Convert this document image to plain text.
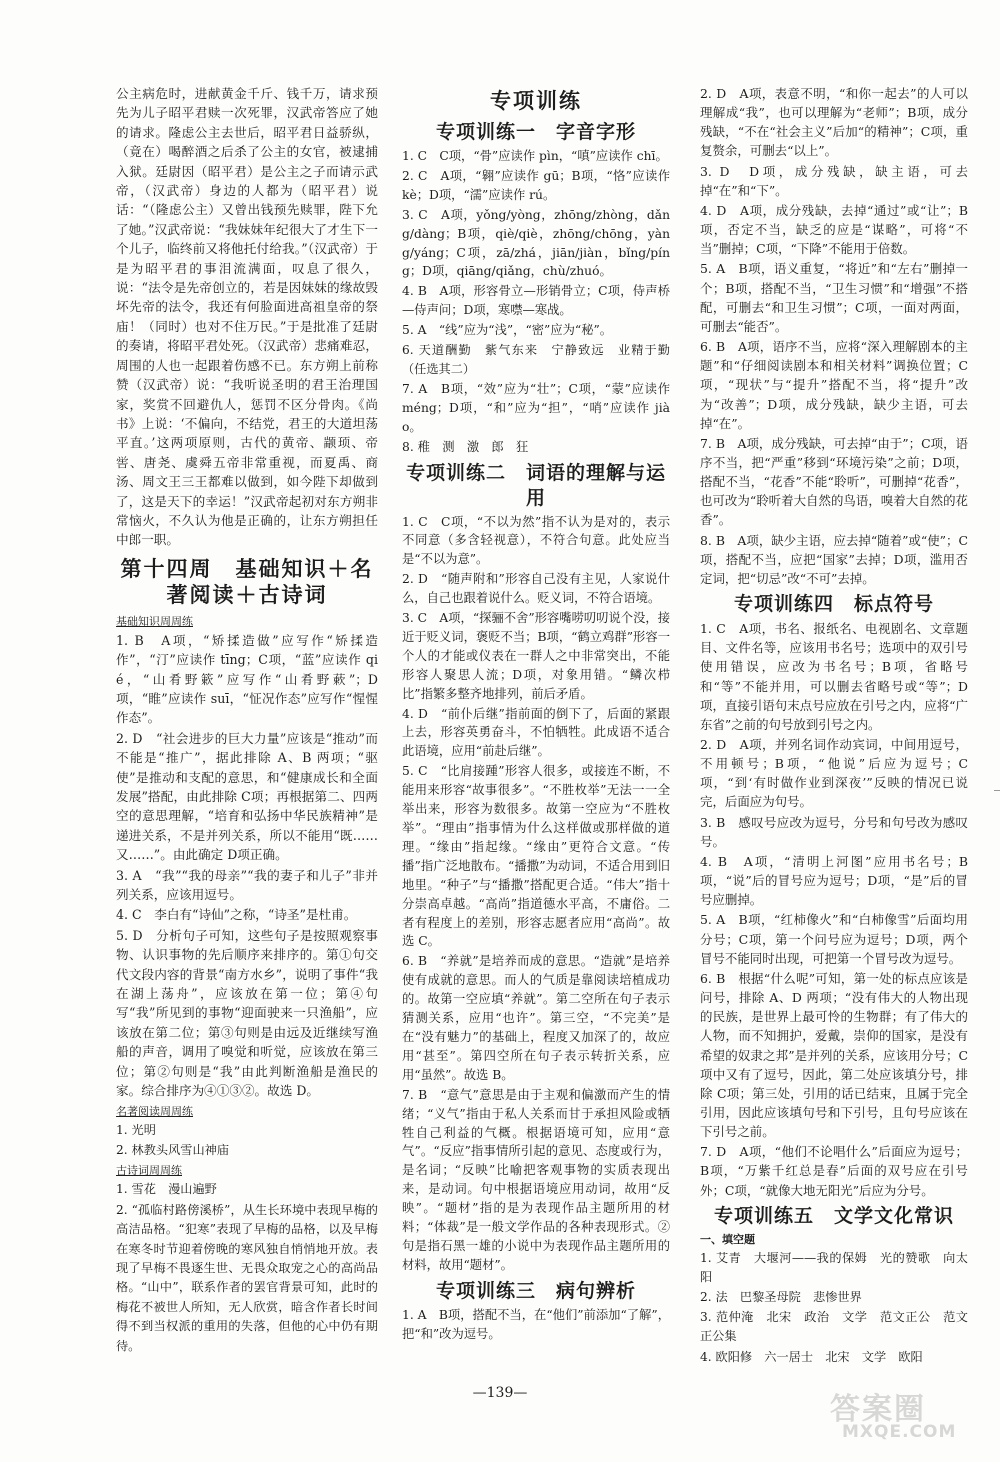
公主病危时，进献黄金千斤、钱千万，请求预先为儿子昭平君赎一次死罪，汉武帝答应了她的请求。隆虑公主去世后，昭平君日益骄纵，（竟在）喝醉酒之后杀了公主的女官，被逮捕入狱。廷尉因（昭平君）是公主之子而请示武帝，（汉武帝）身边的人都为（昭平君）说话：“（隆虑公主）又曾出钱预先赎罪，陛下允了她。”汉武帝说：“我妹妹年纪很大了才生下一个儿子，临终前又将他托付给我。”（汉武帝）于是为昭平君的事泪流满面，叹息了很久，说：“法令是先帝创立的，若是因妹妹的缘故毁坏先帝的法令，我还有何脸面进高祖皇帝的祭庙！（同时）也对不住万民。”于是批准了廷尉的奏请，将昭平君处死。（汉武帝）悲痛难忍，周围的人也一起跟着伤感不已。东方朔上前称赞（汉武帝）说：“我听说圣明的君王治理国家，奖赏不回避仇人，惩罚不区分骨肉。《尚书》上说：‘不偏向，不结党，君王的大道坦荡平直。’这两项原则，古代的黄帝、颛顼、帝喾、唐尧、虞舜五帝非常重视，而夏禹、商汤、周文王三王都难以做到，如今陛下却做到了，这是天下的幸运！”汉武帝起初对东方朔非常恼火，不久认为他是正确的，让东方朔担任中郎一职。

第十四周　基础知识＋名著阅读＋古诗词
基础知识周周练

1. B　A项，“矫揉造做”应写作“矫揉造作”，“汀”应读作 tīng；C项，“蓝”应读作 qié，“山肴野簌”应写作“山肴野蔌”；D项，“睢”应读作 suī，“怔况作态”应写作“惺惺作态”。

2. D　“社会进步的巨大力量”应该是“推动”而不能是“推广”，据此排除 A、B 两项；“驱使”是推动和支配的意思，和“健康成长和全面发展”搭配，由此排除 C项；再根据第二、四两空的意思理解，“培育和弘扬中华民族精神”是递进关系，不是并列关系，所以不能用“既……又……”。由此确定 D项正确。

3. A　“我”“我的母亲”“我的妻子和儿子”非并列关系，应该用逗号。

4. C　李白有“诗仙”之称，“诗圣”是杜甫。

5. D　分析句子可知，这些句子是按照观察事物、认识事物的先后顺序来排序的。第①句交代文段内容的背景“南方水乡”，说明了事件“我在湖上荡舟”，应该放在第一位；第④句写“我”所见到的事物“迎面驶来一只渔船”，应该放在第二位；第③句则是由远及近继续写渔船的声音，调用了嗅觉和听觉，应该放在第三位；第②句则是“我”由此判断渔船是渔民的家。综合排序为④①③②。故选 D。

名著阅读周周练

1. 光明

2. 林教头风雪山神庙

古诗词周周练

1. 雪花　漫山遍野

2. “孤临村路傍溪桥”，从生长环境中表现早梅的高洁品格。“犯寒”表现了早梅的品格，以及早梅在寒冬时节迎着傍晚的寒风独自悄悄地开放。表现了早梅不畏逐生世、无畏众取宠之心的高尚品格。“山中”，联系作者的罢官背景可知，此时的梅花不被世人所知，无人欣赏，暗含作者长时间得不到当权派的重用的失落，但他的心中仍有期待。

专项训练
专项训练一　字音字形

1. C　C项，“骨”应读作 pìn，“嗔”应读作 chī。

2. C　A项，“翱”应读作 gū；B项，“恪”应读作 kè；D项，“濡”应读作 rú。

3. C　A项，yǒng/yòng，zhōng/zhòng，dǎng/dàng；B项，qiè/qiè，zhōng/chōng，yàng/yáng；C项，zā/zhá，jiān/jiàn，bǐng/píng；D项，qiāng/qiǎng，chù/zhuó。

4. B　A项，形容骨立—形销骨立；C项，侍声桥—侍声问；D项，寒噤—寒战。

5. A　“线”应为“浅”，“密”应为“秘”。

6. 天道酬勤　紫气东来　宁静致远　业精于勤（任选其二）

7. A　B项，“效”应为“壮”；C项，“蒙”应读作 méng；D项，“和”应为“担”，“哨”应读作 jiào。

8. 稚　测　激　郎　狂

专项训练二　词语的理解与运用

1. C　C项，“不以为然”指不认为是对的，表示不同意（多含轻视意），不符合句意。此处应当是“不以为意”。

2. D　“随声附和”形容自己没有主见，人家说什么，自己也跟着说什么。贬义词，不符合语境。

3. C　A项，“探骊不舍”形容嘴唠叨叨说个没，接近于贬义词，褒贬不当；B项，“鹤立鸡群”形容一个人的才能或仪表在一群人之中非常突出，不能形容人聚思人流；D项，对象用错。“鳞次栉比”指繁多整齐地排列，前后矛盾。

4. D　“前仆后继”指前面的倒下了，后面的紧跟上去，形容英勇奋斗，不怕牺牲。此成语不适合此语境，应用“前赴后继”。

5. C　“比肩接踵”形容人很多，或接连不断，不能用来形容“故事很多”。“不胜枚举”无法一一全举出来，形容为数很多。故第一空应为“不胜枚举”。“理由”指事情为什么这样做或那样做的道理。“缘由”指起缘。“缘由”更符合文意。“传播”指广泛地散布。“播撒”为动词，不适合用到旧地里。“种子”与“播撒”搭配更合适。“伟大”指十分崇高卓越。“高尚”指道德水平高，不庸俗。二者有程度上的差别，形容志愿者应用“高尚”。故选 C。

6. B　“养就”是培养而成的意思。“造就”是培养使有成就的意思。而人的气质是靠阅读培植成功的。故第一空应填“养就”。第二空所在句子表示猜测关系，应用“也许”。第三空，“不完美”是在“没有魅力”的基础上，程度又加深了的，故应用“甚至”。第四空所在句子表示转折关系，应用“虽然”。故选 B。

7. B　“意气”意思是由于主观和偏激而产生的情绪；“义气”指由于私人关系而甘于承担风险或牺牲自己利益的气概。根据语境可知，应用“意气”。“反应”指事情所引起的意见、态度或行为，是名词；“反映”比喻把客观事物的实质表现出来，是动词。句中根据语境应用动词，故用“反映”。“题材”指的是为表现作品主题所用的材料；“体裁”是一般文学作品的各种表现形式。②句是指石黑一雄的小说中为表现作品主题所用的材料，故用“题材”。

专项训练三　病句辨析

1. A　B项，搭配不当，在“他们”前添加“了解”，把“和”改为逗号。

2. D　A项，表意不明，“和你一起去”的人可以理解成“我”，也可以理解为“老师”；B项，成分残缺，“不在“社会主义”后加“的精神”；C项，重复赘余，可删去“以上”。

3. D　D项，成分残缺，缺主语，可去掉“在”和“下”。

4. D　A项，成分残缺，去掉“通过”或“让”；B项，否定不当，缺乏的应是“谋略”，可将“不当”删掉；C项，“下降”不能用于倍数。

5. A　B项，语义重复，“将近”和“左右”删掉一个；B项，搭配不当，“卫生习惯”和“增强”不搭配，可删去“和卫生习惯”；C项，一面对两面，可删去“能否”。

6. B　A项，语序不当，应将“深入理解剧本的主题”和“仔细阅读剧本和相关材料”调换位置；C项，“现状”与“提升”搭配不当，将“提升”改为“改善”；D项，成分残缺，缺少主语，可去掉“在”。

7. B　A项，成分残缺，可去掉“由于”；C项，语序不当，把“严重”移到“环境污染”之前；D项，搭配不当，“花香”不能“聆听”，可删掉“花香”，也可改为“聆听着大自然的鸟语，嗅着大自然的花香”。

8. B　A项，缺少主语，应去掉“随着”或“使”；C项，搭配不当，应把“国家”去掉；D项，滥用否定词，把“切忌”改“不可”去掉。

专项训练四　标点符号

1. C　A项，书名、报纸名、电视剧名、文章题目、文件名等，应该用书名号；选项中的双引号使用错误，应改为书名号；B项，省略号和“等”不能并用，可以删去省略号或“等”；D项，直接引语句末点号应放在引号之内，应将“广东省”之前的句号放到引号之内。

2. D　A项，并列名词作动宾词，中间用逗号，不用顿号；B项，“他说”后应为逗号；C项，“到‘有时做作业到深夜’”反映的情况已说完，后面应为句号。

3. B　感叹号应改为逗号，分号和句号改为感叹号。

4. B　A项，“清明上河图”应用书名号；B项，“说”后的冒号应为逗号；D项，“是”后的冒号应删掉。

5. A　B项，“红柿像火”和“白柿像雪”后面均用分号；C项，第一个问号应为逗号；D项，两个冒号不能同时出现，可把第一个冒号改为逗号。

6. B　根据“什么呢”可知，第一处的标点应该是问号，排除 A、D 两项；“没有伟大的人物出现的民族，是世界上最可怜的生物群；有了伟大的人物，而不知拥护，爱戴，崇仰的国家，是没有希望的奴隶之邦”是并列的关系，应该用分号；C项中又有了逗号，因此，第二处应该填分号，排除 C项；第三处，引用的话已结束，且属于完全引用，因此应该填句号和下引号，且句号应该在下引号之前。

7. D　A项，“他们不论唱什么”后面应为逗号；B项，“万紫千红总是春”后面的双号应在引号外；C项，“就像大地无阳光”后应为分号。

专项训练五　文学文化常识
一、填空题

1. 艾青　大堰河——我的保姆　光的赞歌　向太阳

2. 法　巴黎圣母院　悲惨世界

3. 范仲淹　北宋　政治　文学　范文正公　范文正公集

4. 欧阳修　六一居士　北宋　文学　欧阳

—139—	答案圈
MXQE.COM
